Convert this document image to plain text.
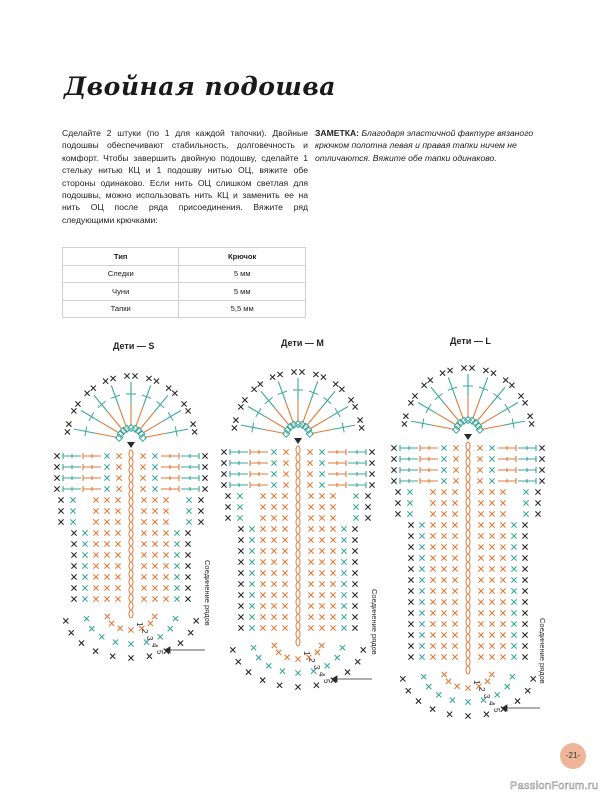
Двойная подошва
Сделайте 2 штуки (по 1 для каждой тапочки). Двойные подошвы обеспечивают стабильность, долговечность и комфорт. Чтобы завершить двойную подошву, сделайте 1 стельку нитью КЦ и 1 подошву нитью ОЦ, вяжите обе стороны одинаково. Если нить ОЦ слишком светлая для подошвы, можно использовать нить КЦ и заменить ее на нить ОЦ после ряда присоединения. Вяжите ряд следующими крючками:
ЗАМЕТКА: Благодаря эластичной фактуре вязаного крючком полотна левая и правая тапки ничем не отличаются. Вяжите обе тапки одинаково.
Тип	Крючок
Следки	5 мм
Чуни	5 мм
Тапки	5,5 мм
Дети — S	Дети — M	Дети — L
1
2
3
4
5
Соединение рядов
1
2
3
4
5
Соединение рядов
1
2
3
4
5
Соединение рядов
-21-
PassionForum.ru
